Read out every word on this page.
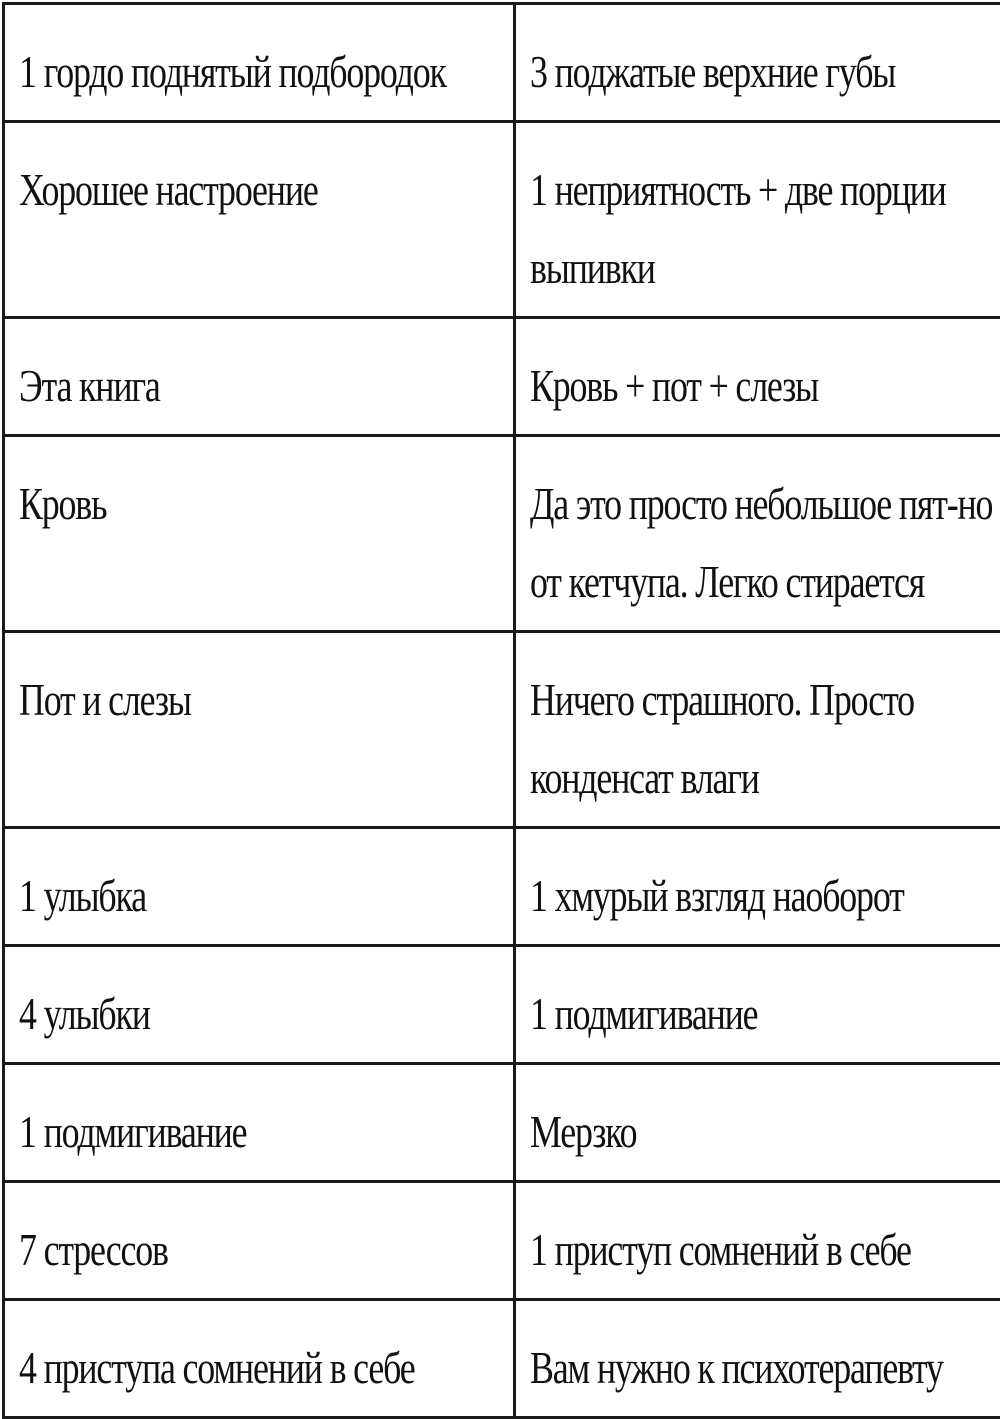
1 гордо поднятый подбородок	3 поджатые верхние губы
Хорошее настроение	1 неприятность + две порции выпивки
Эта книга	Кровь + пот + слезы
Кровь	Да это просто небольшое пят-но от кетчупа. Легко стирается
Пот и слезы	Ничего страшного. Просто конденсат влаги
1 улыбка	1 хмурый взгляд наоборот
4 улыбки	1 подмигивание
1 подмигивание	Мерзко
7 стрессов	1 приступ сомнений в себе
4 приступа сомнений в себе	Вам нужно к психотерапевту
